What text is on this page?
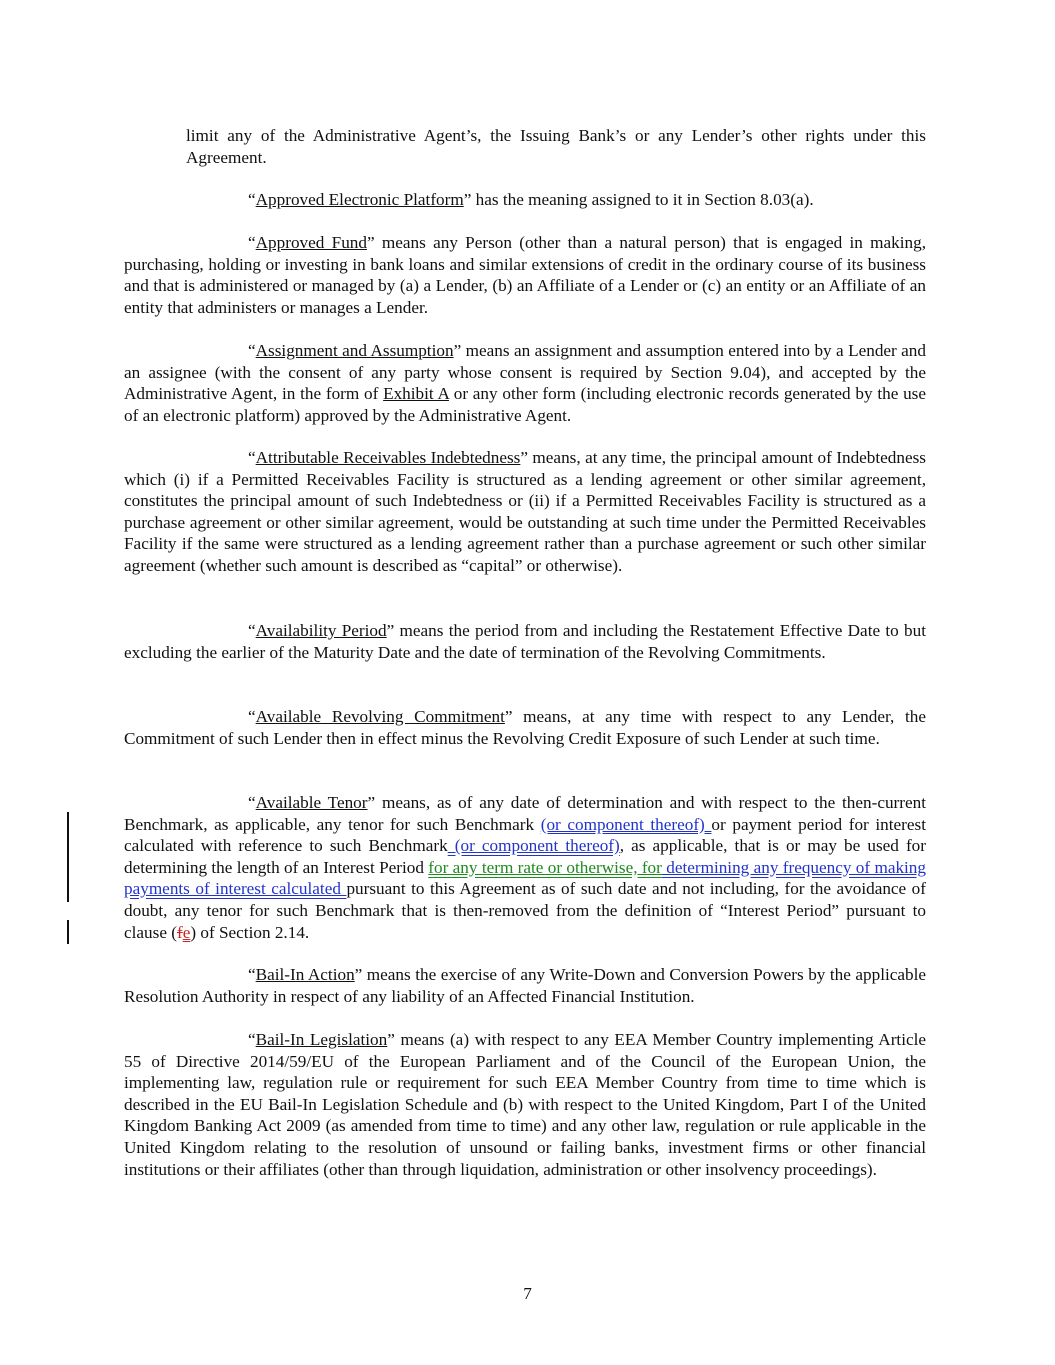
limit any of the Administrative Agent’s, the Issuing Bank’s or any Lender’s other rights under this Agreement.

“Approved Electronic Platform” has the meaning assigned to it in Section 8.03(a).

“Approved Fund” means any Person (other than a natural person) that is engaged in making, purchasing, holding or investing in bank loans and similar extensions of credit in the ordinary course of its business and that is administered or managed by (a) a Lender, (b) an Affiliate of a Lender or (c) an entity or an Affiliate of an entity that administers or manages a Lender.

“Assignment and Assumption” means an assignment and assumption entered into by a Lender and an assignee (with the consent of any party whose consent is required by Section 9.04), and accepted by the Administrative Agent, in the form of Exhibit A or any other form (including electronic records generated by the use of an electronic platform) approved by the Administrative Agent.

“Attributable Receivables Indebtedness” means, at any time, the principal amount of Indebtedness which (i) if a Permitted Receivables Facility is structured as a lending agreement or other similar agreement, constitutes the principal amount of such Indebtedness or (ii) if a Permitted Receivables Facility is structured as a purchase agreement or other similar agreement, would be outstanding at such time under the Permitted Receivables Facility if the same were structured as a lending agreement rather than a purchase agreement or such other similar agreement (whether such amount is described as “capital” or otherwise).

“Availability Period” means the period from and including the Restatement Effective Date to but excluding the earlier of the Maturity Date and the date of termination of the Revolving Commitments.

“Available Revolving Commitment” means, at any time with respect to any Lender, the Commitment of such Lender then in effect minus the Revolving Credit Exposure of such Lender at such time.

“Available Tenor” means, as of any date of determination and with respect to the then-current Benchmark, as applicable, any tenor for such Benchmark (or component thereof) or payment period for interest calculated with reference to such Benchmark (or component thereof), as applicable, that is or may be used for determining the length of an Interest Period for any term rate or otherwise, for determining any frequency of making payments of interest calculated pursuant to this Agreement as of such date and not including, for the avoidance of doubt, any tenor for such Benchmark that is then-removed from the definition of “Interest Period” pursuant to clause (fe) of Section 2.14.

“Bail-In Action” means the exercise of any Write-Down and Conversion Powers by the applicable Resolution Authority in respect of any liability of an Affected Financial Institution.

“Bail-In Legislation” means (a) with respect to any EEA Member Country implementing Article 55 of Directive 2014/59/EU of the European Parliament and of the Council of the European Union, the implementing law, regulation rule or requirement for such EEA Member Country from time to time which is described in the EU Bail-In Legislation Schedule and (b) with respect to the United Kingdom, Part I of the United Kingdom Banking Act 2009 (as amended from time to time) and any other law, regulation or rule applicable in the United Kingdom relating to the resolution of unsound or failing banks, investment firms or other financial institutions or their affiliates (other than through liquidation, administration or other insolvency proceedings).

7
